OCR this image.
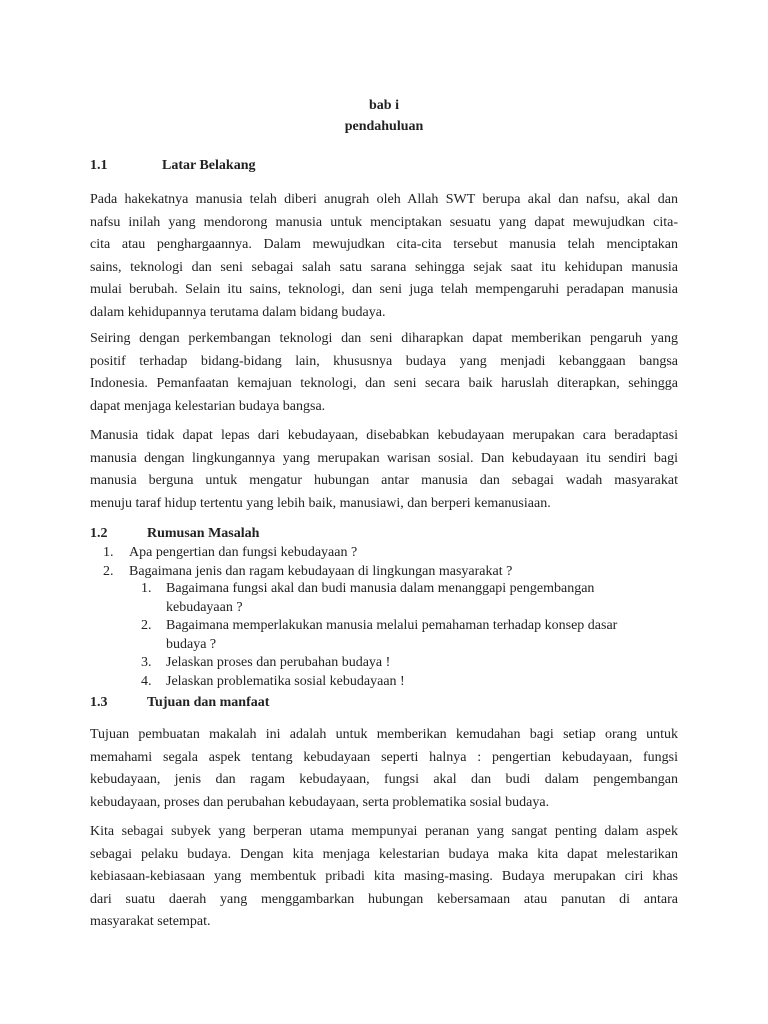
bab i
pendahuluan
1.1	Latar Belakang
Pada hakekatnya manusia telah diberi anugrah oleh Allah SWT berupa akal dan nafsu, akal dan
nafsu inilah yang mendorong manusia untuk menciptakan sesuatu yang dapat mewujudkan cita-
cita atau penghargaannya. Dalam mewujudkan cita-cita tersebut manusia telah menciptakan
sains, teknologi dan seni sebagai salah satu sarana sehingga sejak saat itu kehidupan manusia
mulai berubah. Selain itu sains, teknologi, dan seni juga telah mempengaruhi peradapan manusia
dalam kehidupannya terutama dalam bidang budaya.
Seiring dengan perkembangan teknologi dan seni diharapkan dapat memberikan pengaruh yang
positif terhadap bidang-bidang lain, khususnya budaya yang menjadi kebanggaan bangsa
Indonesia. Pemanfaatan kemajuan teknologi, dan seni secara baik haruslah diterapkan, sehingga
dapat menjaga kelestarian budaya bangsa.
Manusia tidak dapat lepas dari kebudayaan, disebabkan kebudayaan merupakan cara beradaptasi
manusia dengan lingkungannya yang merupakan warisan sosial. Dan kebudayaan itu sendiri bagi
manusia berguna untuk mengatur hubungan antar manusia dan sebagai wadah masyarakat
menuju taraf hidup tertentu yang lebih baik, manusiawi, dan berperi kemanusiaan.
1.2	Rumusan Masalah
1. Apa pengertian dan fungsi kebudayaan ?
2. Bagaimana jenis dan ragam kebudayaan di lingkungan masyarakat ?
1. Bagaimana fungsi akal dan budi manusia dalam menanggapi pengembangan
kebudayaan ?
2. Bagaimana memperlakukan manusia melalui pemahaman terhadap konsep dasar
budaya ?
3. Jelaskan proses dan perubahan budaya !
4. Jelaskan problematika sosial kebudayaan !
1.3	Tujuan dan manfaat
Tujuan pembuatan makalah ini adalah untuk memberikan kemudahan bagi setiap orang untuk
memahami segala aspek tentang kebudayaan seperti halnya : pengertian kebudayaan, fungsi
kebudayaan, jenis dan ragam kebudayaan, fungsi akal dan budi dalam pengembangan
kebudayaan, proses dan perubahan kebudayaan, serta problematika sosial budaya.
Kita sebagai subyek yang berperan utama mempunyai peranan yang sangat penting dalam aspek
sebagai pelaku budaya. Dengan kita menjaga kelestarian budaya maka kita dapat melestarikan
kebiasaan-kebiasaan yang membentuk pribadi kita masing-masing. Budaya merupakan ciri khas
dari suatu daerah yang menggambarkan hubungan kebersamaan atau panutan di antara
masyarakat setempat.
